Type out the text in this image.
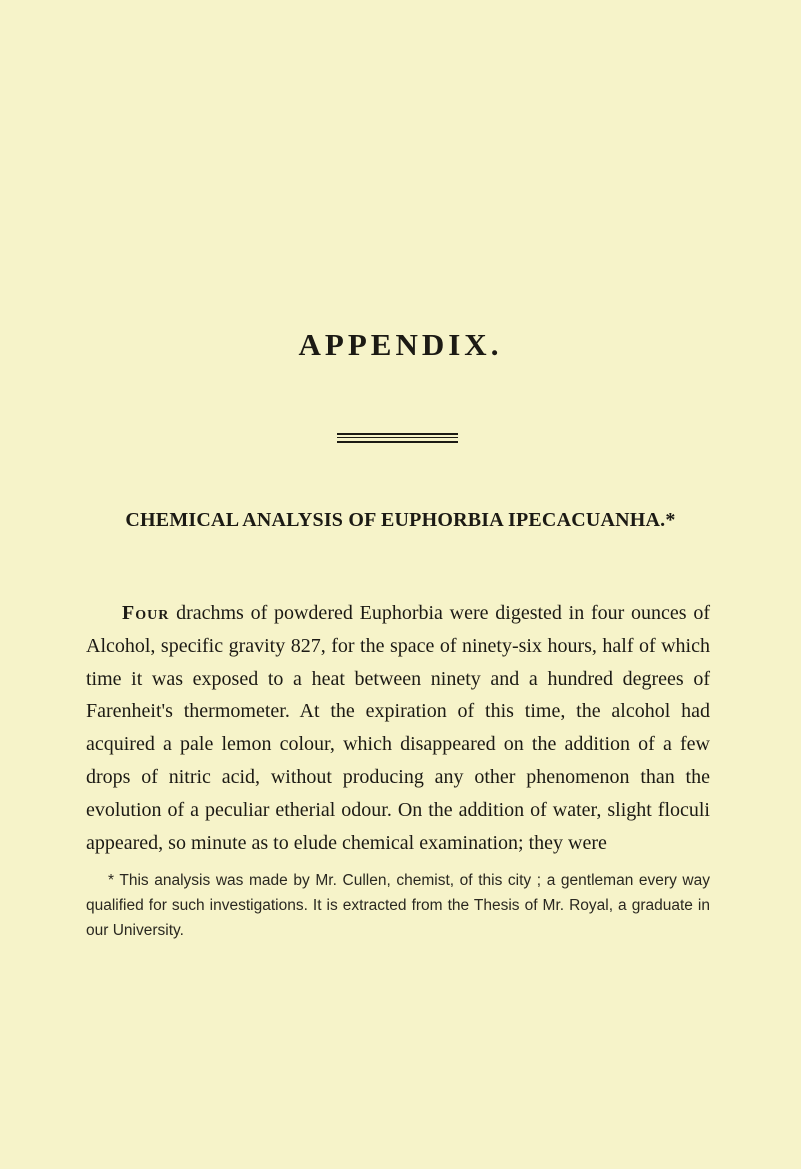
APPENDIX.
CHEMICAL ANALYSIS OF EUPHORBIA IPECACUANHA.*
Four drachms of powdered Euphorbia were digested in four ounces of Alcohol, specific gravity 827, for the space of ninety-six hours, half of which time it was exposed to a heat between ninety and a hundred degrees of Farenheit's thermometer. At the expiration of this time, the alcohol had acquired a pale lemon colour, which disappeared on the addition of a few drops of nitric acid, without producing any other phenomenon than the evolution of a peculiar etherial odour. On the addition of water, slight floculi appeared, so minute as to elude chemical examination; they were
* This analysis was made by Mr. Cullen, chemist, of this city ; a gentleman every way qualified for such investigations. It is extracted from the Thesis of Mr. Royal, a graduate in our University.
